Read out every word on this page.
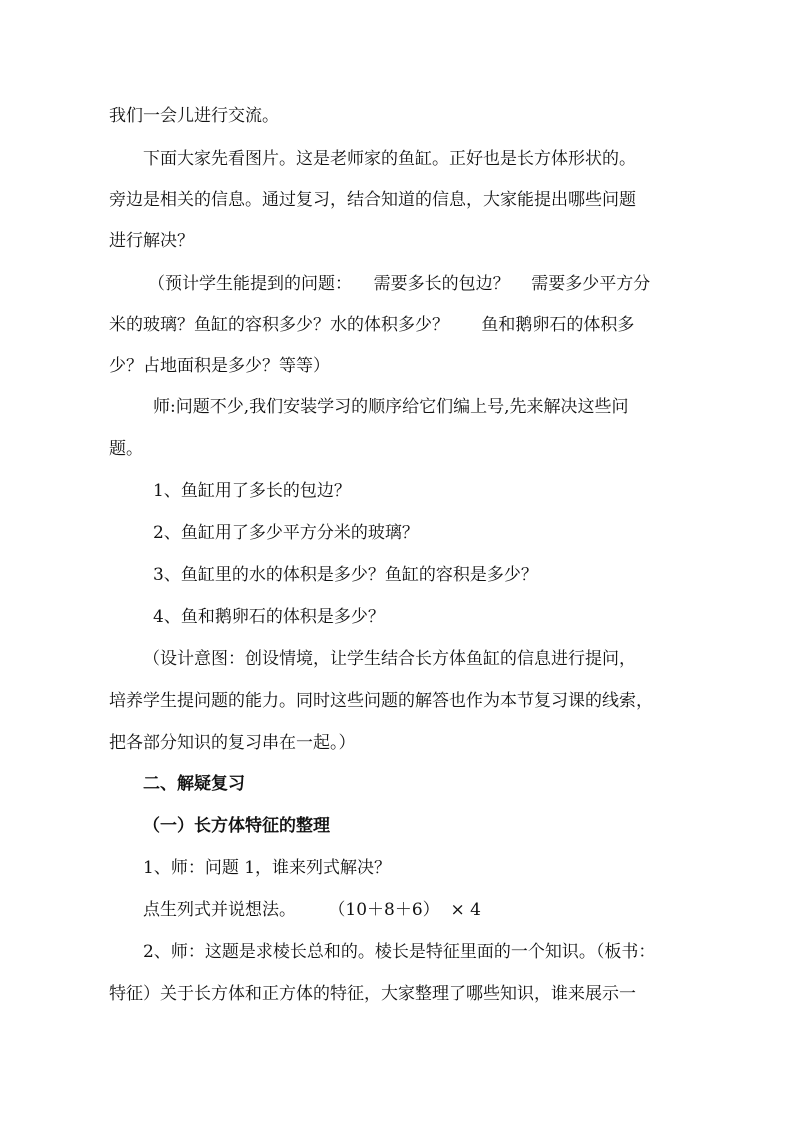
我们一会儿进行交流。
下面大家先看图片。这是老师家的鱼缸。正好也是长方体形状的。
旁边是相关的信息。通过复习，结合知道的信息，大家能提出哪些问题
进行解决？
（预计学生能提到的问题：    需要多长的包边？    需要多少平方分
米的玻璃？鱼缸的容积多少？水的体积多少？      鱼和鹅卵石的体积多
少？占地面积是多少？等等）
师:问题不少,我们安装学习的顺序给它们编上号,先来解决这些问
题。
1、鱼缸用了多长的包边？
2、鱼缸用了多少平方分米的玻璃？
3、鱼缸里的水的体积是多少？鱼缸的容积是多少？
4、鱼和鹅卵石的体积是多少？
（设计意图：创设情境，让学生结合长方体鱼缸的信息进行提问，
培养学生提问题的能力。同时这些问题的解答也作为本节复习课的线索，
把各部分知识的复习串在一起。）
二、解疑复习
（一）长方体特征的整理
1、师：问题 1，谁来列式解决？
点生列式并说想法。      （10＋8＋6）  × 4
2、师：这题是求棱长总和的。棱长是特征里面的一个知识。（板书：
特征）关于长方体和正方体的特征，大家整理了哪些知识，谁来展示一
